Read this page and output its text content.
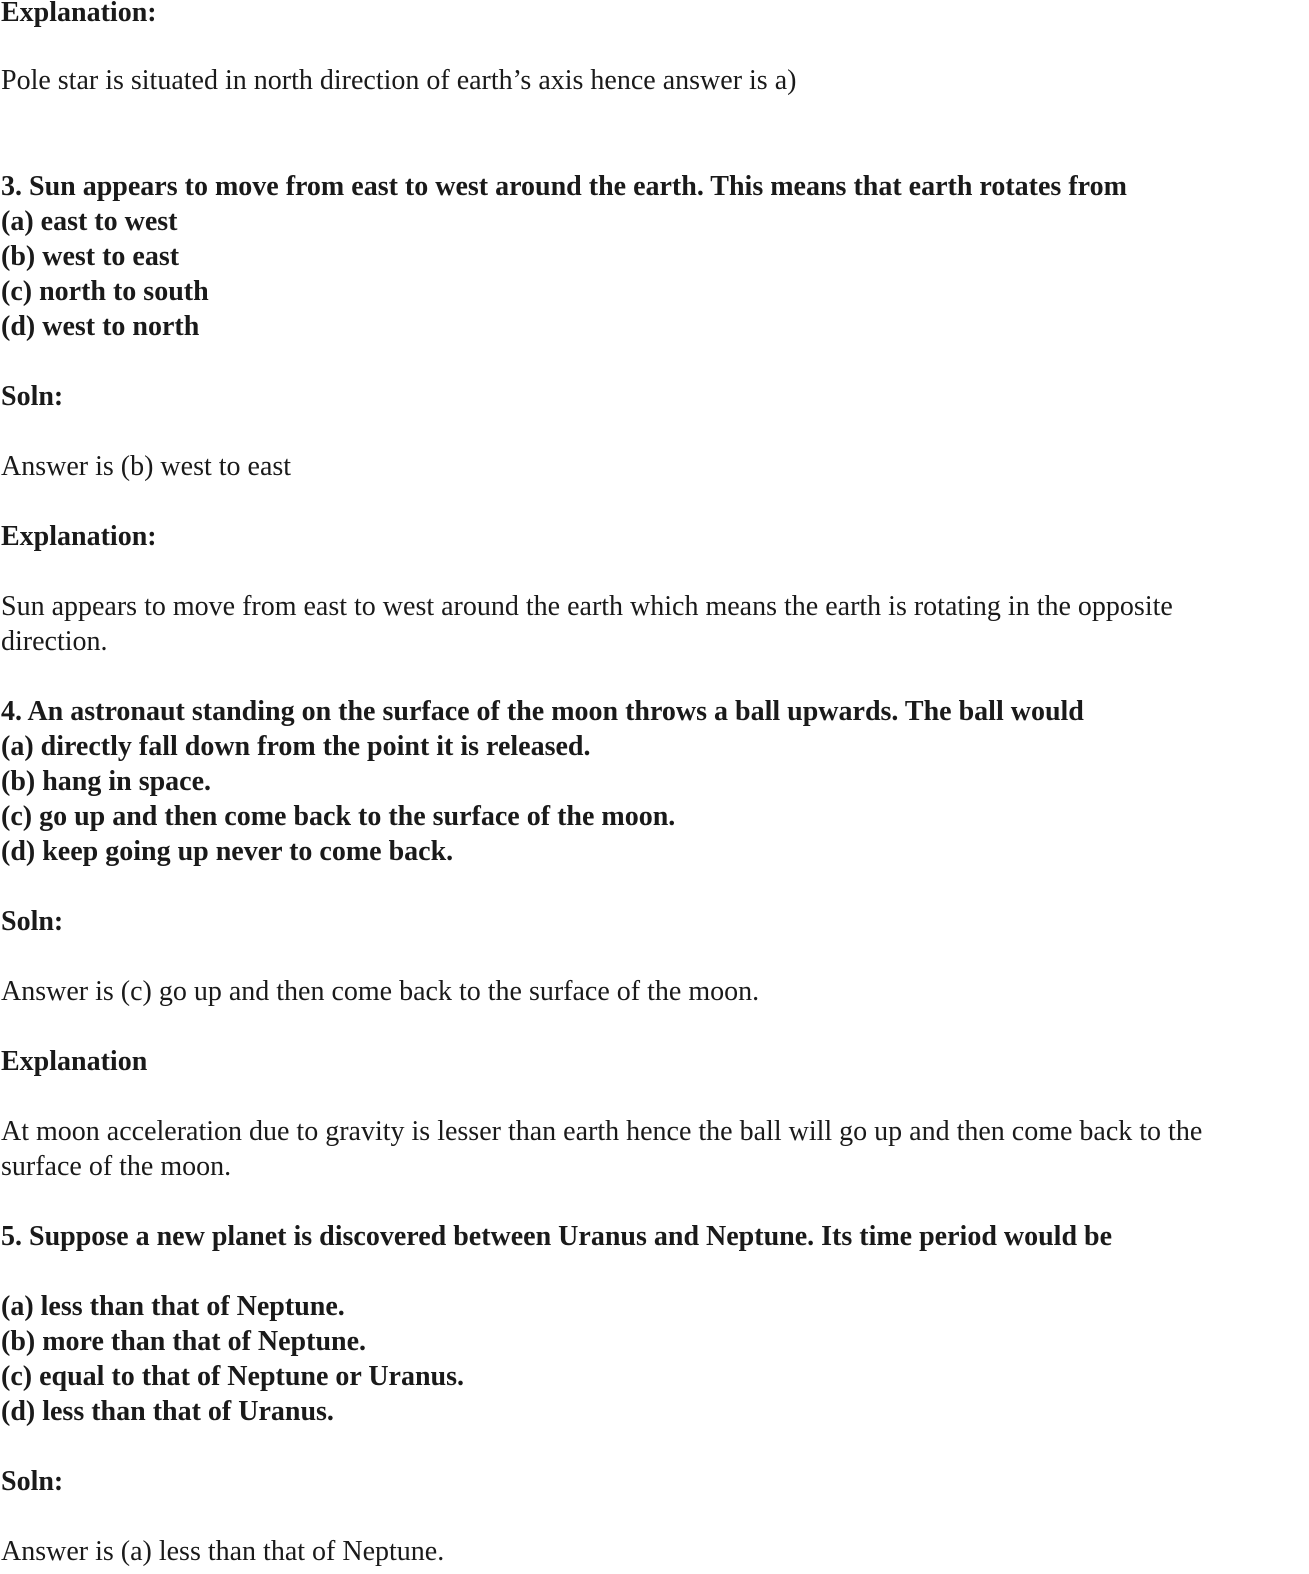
Explanation:
Pole star is situated in north direction of earth’s axis hence answer is a)
3. Sun appears to move from east to west around the earth. This means that earth rotates from
(a) east to west
(b) west to east
(c) north to south
(d) west to north
Soln:
Answer is (b) west to east
Explanation:
Sun appears to move from east to west around the earth which means the earth is rotating in the opposite
direction.
4. An astronaut standing on the surface of the moon throws a ball upwards. The ball would
(a) directly fall down from the point it is released.
(b) hang in space.
(c) go up and then come back to the surface of the moon.
(d) keep going up never to come back.
Soln:
Answer is (c) go up and then come back to the surface of the moon.
Explanation
At moon acceleration due to gravity is lesser than earth hence the ball will go up and then come back to the
surface of the moon.
5. Suppose a new planet is discovered between Uranus and Neptune. Its time period would be
(a) less than that of Neptune.
(b) more than that of Neptune.
(c) equal to that of Neptune or Uranus.
(d) less than that of Uranus.
Soln:
Answer is (a) less than that of Neptune.
